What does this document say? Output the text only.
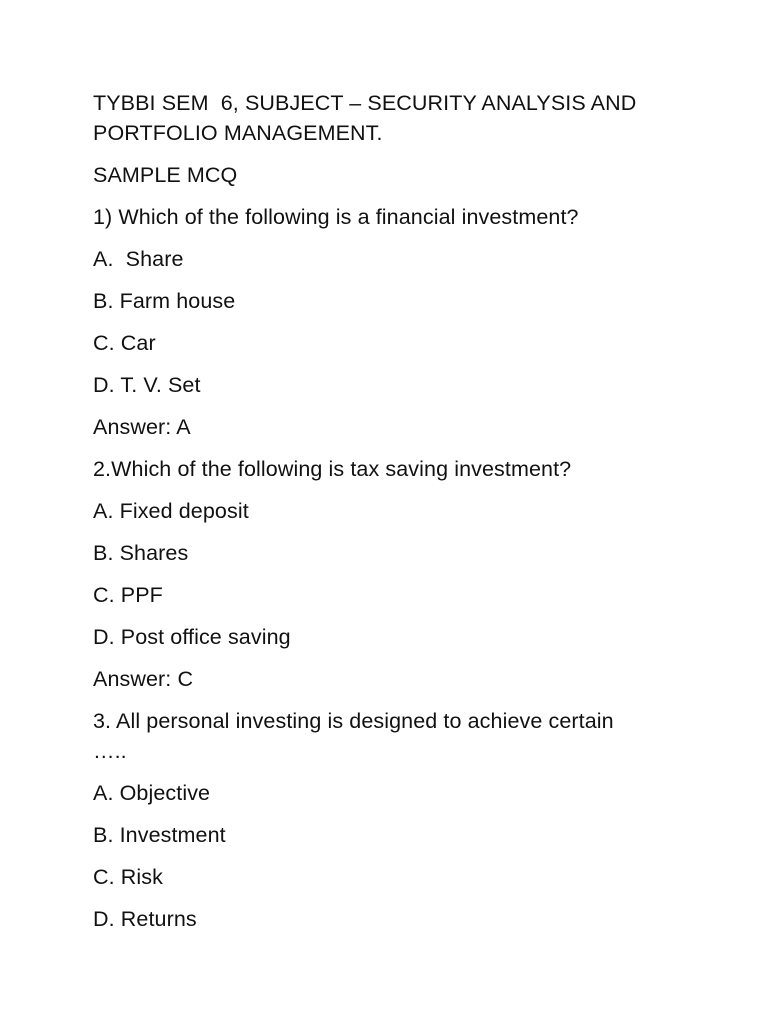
TYBBI SEM  6, SUBJECT – SECURITY ANALYSIS AND
PORTFOLIO MANAGEMENT.
SAMPLE MCQ
1) Which of the following is a financial investment?
A.  Share
B. Farm house
C. Car
D. T. V. Set
Answer: A
2.Which of the following is tax saving investment?
A. Fixed deposit
B. Shares
C. PPF
D. Post office saving
Answer: C
3. All personal investing is designed to achieve certain
…..
A. Objective
B. Investment
C. Risk
D. Returns
